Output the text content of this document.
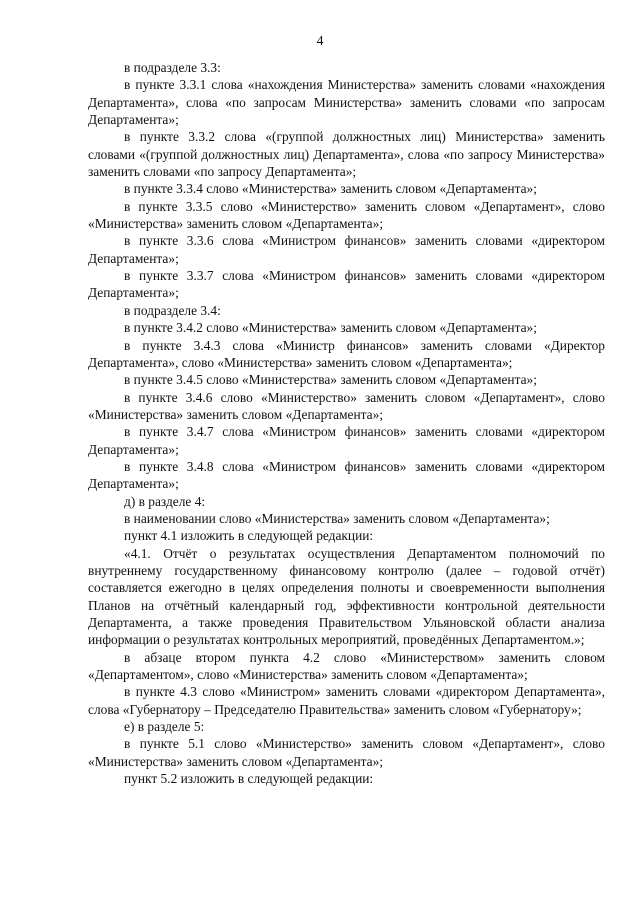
4

в подразделе 3.3:

в пункте 3.3.1 слова «нахождения Министерства» заменить словами «нахождения Департамента», слова «по запросам Министерства» заменить словами «по запросам Департамента»;

в пункте 3.3.2 слова «(группой должностных лиц) Министерства» заменить словами «(группой должностных лиц) Департамента», слова «по запросу Министерства» заменить словами «по запросу Департамента»;

в пункте 3.3.4 слово «Министерства» заменить словом «Департамента»;

в пункте 3.3.5 слово «Министерство» заменить словом «Департамент», слово «Министерства» заменить словом «Департамента»;

в пункте 3.3.6 слова «Министром финансов» заменить словами «директором Департамента»;

в пункте 3.3.7 слова «Министром финансов» заменить словами «директором Департамента»;

в подразделе 3.4:

в пункте 3.4.2 слово «Министерства» заменить словом «Департамента»;

в пункте 3.4.3 слова «Министр финансов» заменить словами «Директор Департамента», слово «Министерства» заменить словом «Департамента»;

в пункте 3.4.5 слово «Министерства» заменить словом «Департамента»;

в пункте 3.4.6 слово «Министерство» заменить словом «Департамент», слово «Министерства» заменить словом «Департамента»;

в пункте 3.4.7 слова «Министром финансов» заменить словами «директором Департамента»;

в пункте 3.4.8 слова «Министром финансов» заменить словами «директором Департамента»;

д) в разделе 4:

в наименовании слово «Министерства» заменить словом «Департамента»;

пункт 4.1 изложить в следующей редакции:

«4.1. Отчёт о результатах осуществления Департаментом полномочий по внутреннему государственному финансовому контролю (далее – годовой отчёт) составляется ежегодно в целях определения полноты и своевременности выполнения Планов на отчётный календарный год, эффективности контрольной деятельности Департамента, а также проведения Правительством Ульяновской области анализа информации о результатах контрольных мероприятий, проведённых Департаментом.»;

в абзаце втором пункта 4.2 слово «Министерством» заменить словом «Департаментом», слово «Министерства» заменить словом «Департамента»;

в пункте 4.3 слово «Министром» заменить словами «директором Департамента», слова «Губернатору – Председателю Правительства» заменить словом «Губернатору»;

е) в разделе 5:

в пункте 5.1 слово «Министерство» заменить словом «Департамент», слово «Министерства» заменить словом «Департамента»;

пункт 5.2 изложить в следующей редакции:
